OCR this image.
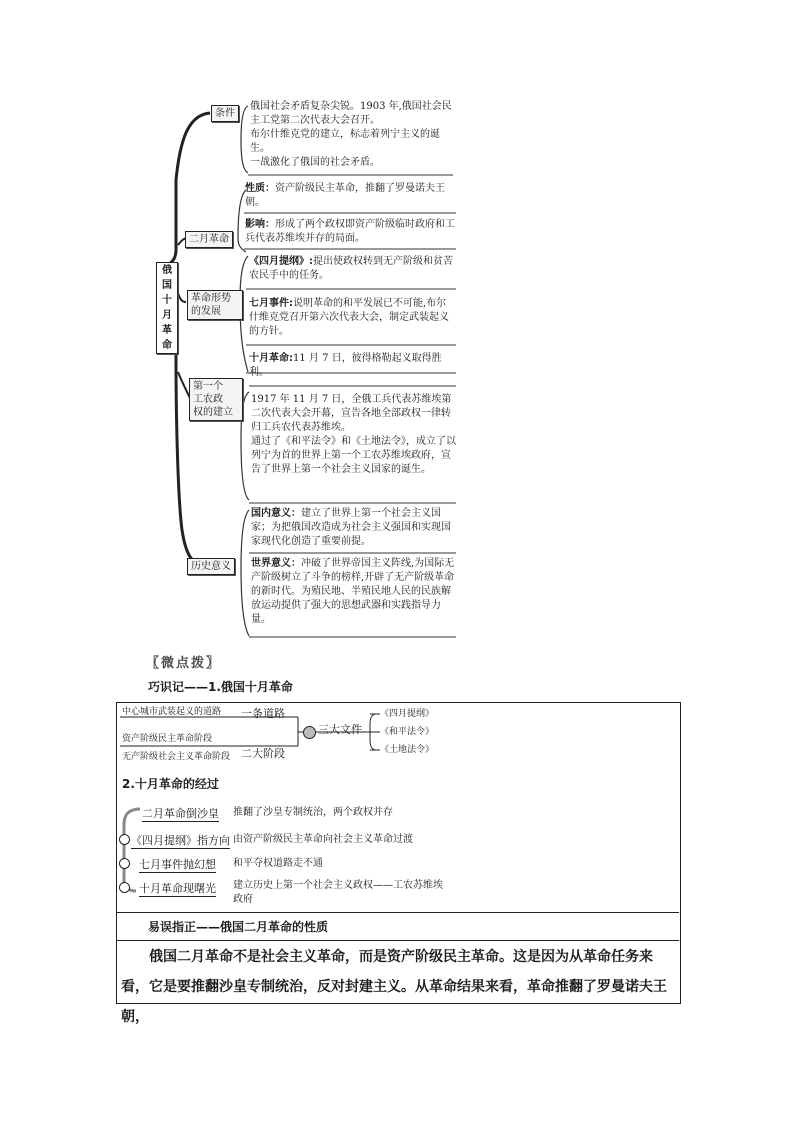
俄
国
十
月
革
命
条件
二月革命
革命形势
的发展
第一个
工农政
权的建立
历史意义
俄国社会矛盾复杂尖锐。1903 年,俄国社会民主工党第二次代表大会召开。
布尔什维克党的建立，标志着列宁主义的诞生。
一战激化了俄国的社会矛盾。
性质：资产阶级民主革命，推翻了罗曼诺夫王朝。
影响：形成了两个政权即资产阶级临时政府和工兵代表苏维埃并存的局面。
《四月提纲》:提出使政权转到无产阶级和贫苦农民手中的任务。
七月事件:说明革命的和平发展已不可能,布尔什维克党召开第六次代表大会，制定武装起义的方针。
十月革命:11 月 7 日，彼得格勒起义取得胜利。
1917 年 11 月 7 日，全俄工兵代表苏维埃第二次代表大会开幕，宣告各地全部政权一律转归工兵农代表苏维埃。
通过了《和平法令》和《土地法令》，成立了以列宁为首的世界上第一个工农苏维埃政府，宣告了世界上第一个社会主义国家的诞生。
国内意义：建立了世界上第一个社会主义国家；为把俄国改造成为社会主义强国和实现国家现代化创造了重要前提。
世界意义：冲破了世界帝国主义阵线,为国际无产阶级树立了斗争的榜样,开辟了无产阶级革命的新时代。为殖民地、半殖民地人民的民族解放运动提供了强大的思想武器和实践指导力量。
〖微点拨〗
巧识记——1.俄国十月革命
中心城市武装起义的道路
资产阶级民主革命阶段
无产阶级社会主义革命阶段
一条道路
二大阶段
三大文件
《四月提纲》
《和平法令》
《土地法令》
2.十月革命的经过
二月革命倒沙皇 推翻了沙皇专制统治，两个政权并存
《四月提纲》指方向 由资产阶级民主革命向社会主义革命过渡
七月事件抛幻想 和平夺权道路走不通
十月革命现曙光 建立历史上第一个社会主义政权——工农苏维埃政府
易误指正——俄国二月革命的性质
俄国二月革命不是社会主义革命，而是资产阶级民主革命。这是因为从革命任务来看，它是要推翻沙皇专制统治，反对封建主义。从革命结果来看，革命推翻了罗曼诺夫王朝，
